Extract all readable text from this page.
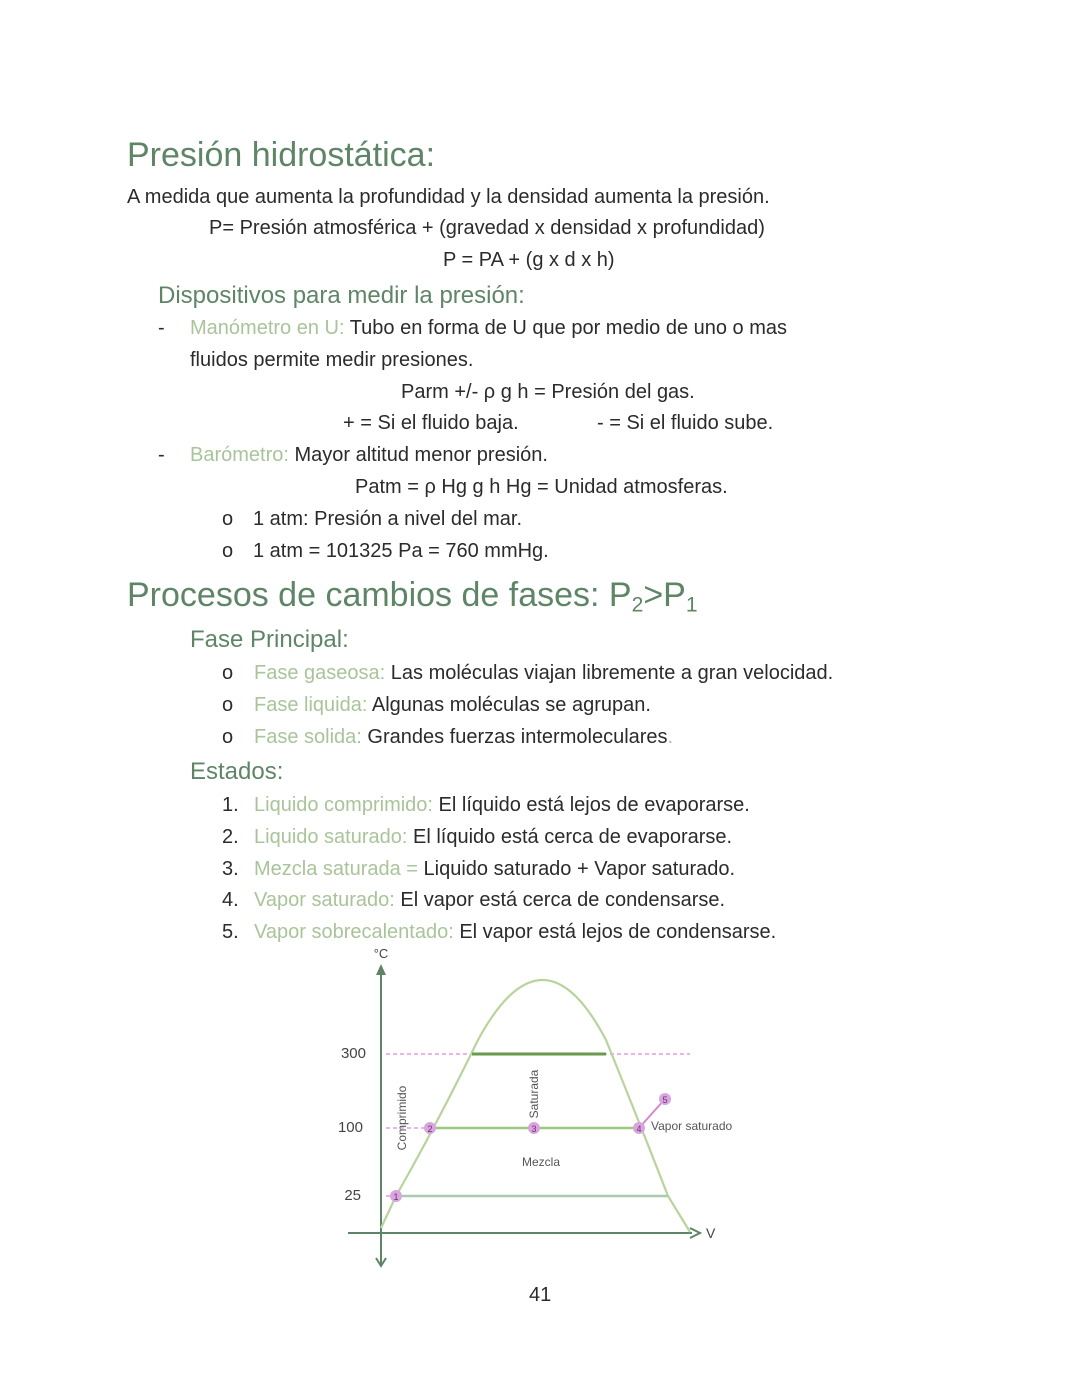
Presión hidrostática:
A medida que aumenta la profundidad y la densidad aumenta la presión.
P= Presión atmosférica + (gravedad x densidad x profundidad)
P = PA + (g x d x h)
Dispositivos para medir la presión:
- Manómetro en U: Tubo en forma de U que por medio de uno o mas
fluidos permite medir presiones.
Parm +/- ρ g h = Presión del gas.
+ = Si el fluido baja.	- = Si el fluido sube.
- Barómetro: Mayor altitud menor presión.
Patm = ρ Hg g h Hg = Unidad atmosferas.
o 1 atm: Presión a nivel del mar.
o 1 atm = 101325 Pa = 760 mmHg.
Procesos de cambios de fases: $P_2>P_1$
Fase Principal:
o Fase gaseosa: Las moléculas viajan libremente a gran velocidad.
o Fase liquida: Algunas moléculas se agrupan.
o Fase solida: Grandes fuerzas intermoleculares.
Estados:
1. Liquido comprimido: El líquido está lejos de evaporarse.
2. Liquido saturado: El líquido está cerca de evaporarse.
3. Mezcla saturada = Liquido saturado + Vapor saturado.
4. Vapor saturado: El vapor está cerca de condensarse.
5. Vapor sobrecalentado: El vapor está lejos de condensarse.
°C
V
300
100
25	1
2	3	4
5
Comprimido	Saturada
Mezcla
Vapor saturado
41
